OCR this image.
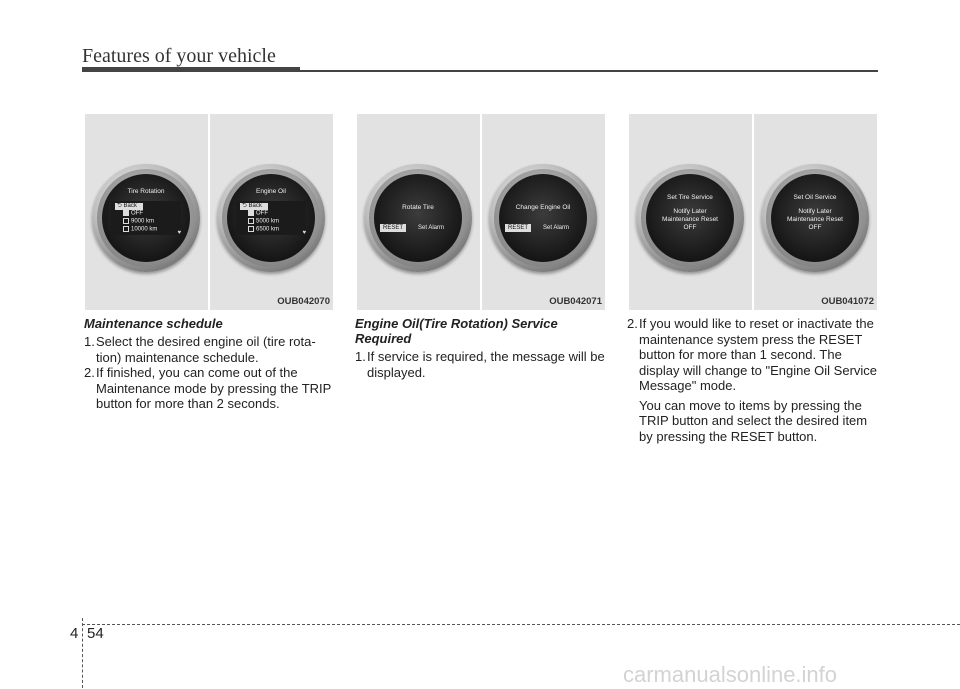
Features of your vehicle
Tire Rotation
⮌ Back
OFF
9000 km
10000 km
♥
Engine Oil
⮌ Back
OFF
5000 km
6500 km
♥
OUB042070
Rotate Tire
RESET	Set Alarm
Change Engine Oil
RESET	Set Alarm
OUB042071
Set Tire Service
Notify Later
Maintenance Reset
OFF
Set Oil Service
Notify Later
Maintenance Reset
OFF
OUB041072
Maintenance schedule
1. Select the desired engine oil (tire rota-tion) maintenance schedule.
2. If finished, you can come out of the Maintenance mode by pressing the TRIP button for more than 2 seconds.
Engine Oil(Tire Rotation) Service Required
1. If service is required, the message will be displayed.
2. If you would like to reset or inactivate the maintenance system press the RESET button for more than 1 second. The display will change to "Engine Oil Service Message" mode.

You can move to items by pressing the TRIP button and select the desired item by pressing the RESET button.

4 54
carmanualsonline.info
